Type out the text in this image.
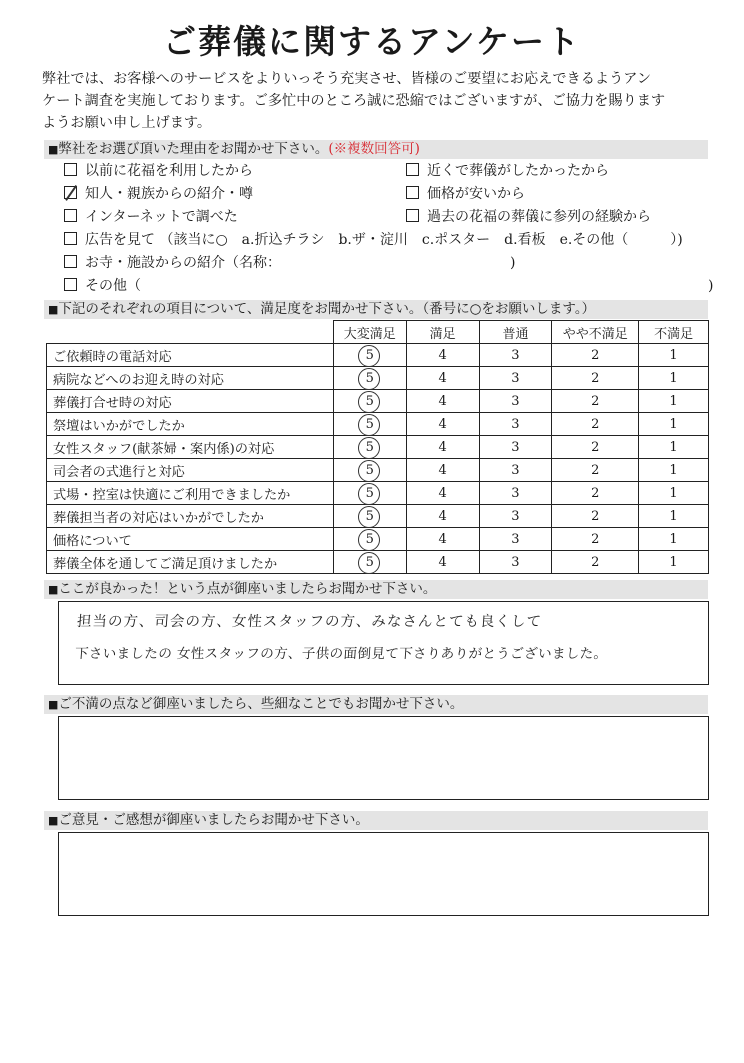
ご葬儀に関するアンケート
弊社では、お客様へのサービスをよりいっそう充実させ、皆様のご要望にお応えできるようアン
ケート調査を実施しております。ご多忙中のところ誠に恐縮ではございますが、ご協力を賜ります
ようお願い申し上げます。
■弊社をお選び頂いた理由をお聞かせ下さい。(※複数回答可)
以前に花福を利用したから
知人・親族からの紹介・噂
インターネットで調べた
広告を見て （該当に○　a.折込チラシ　b.ザ・淀川　c.ポスター　d.看板　e.その他（　　　）)
お寺・施設からの紹介（名称：	)
その他（	)
近くで葬儀がしたかったから
価格が安いから
過去の花福の葬儀に参列の経験から
■下記のそれぞれの項目について、満足度をお聞かせ下さい。（番号に○をお願いします。）
	大変満足	満足	普通	やや不満足	不満足
ご依頼時の電話対応	5	4	3	2	1
病院などへのお迎え時の対応	5	4	3	2	1
葬儀打合せ時の対応	5	4	3	2	1
祭壇はいかがでしたか	5	4	3	2	1
女性スタッフ(献茶婦・案内係)の対応	5	4	3	2	1
司会者の式進行と対応	5	4	3	2	1
式場・控室は快適にご利用できましたか	5	4	3	2	1
葬儀担当者の対応はいかがでしたか	5	4	3	2	1
価格について	5	4	3	2	1
葬儀全体を通してご満足頂けましたか	5	4	3	2	1
■ここが良かった！という点が御座いましたらお聞かせ下さい。
担当の方、司会の方、女性スタッフの方、みなさんとても良くして
下さいましたの 女性スタッフの方、子供の面倒見て下さりありがとうございました。
■ご不満の点など御座いましたら、些細なことでもお聞かせ下さい。
■ご意見・ご感想が御座いましたらお聞かせ下さい。
